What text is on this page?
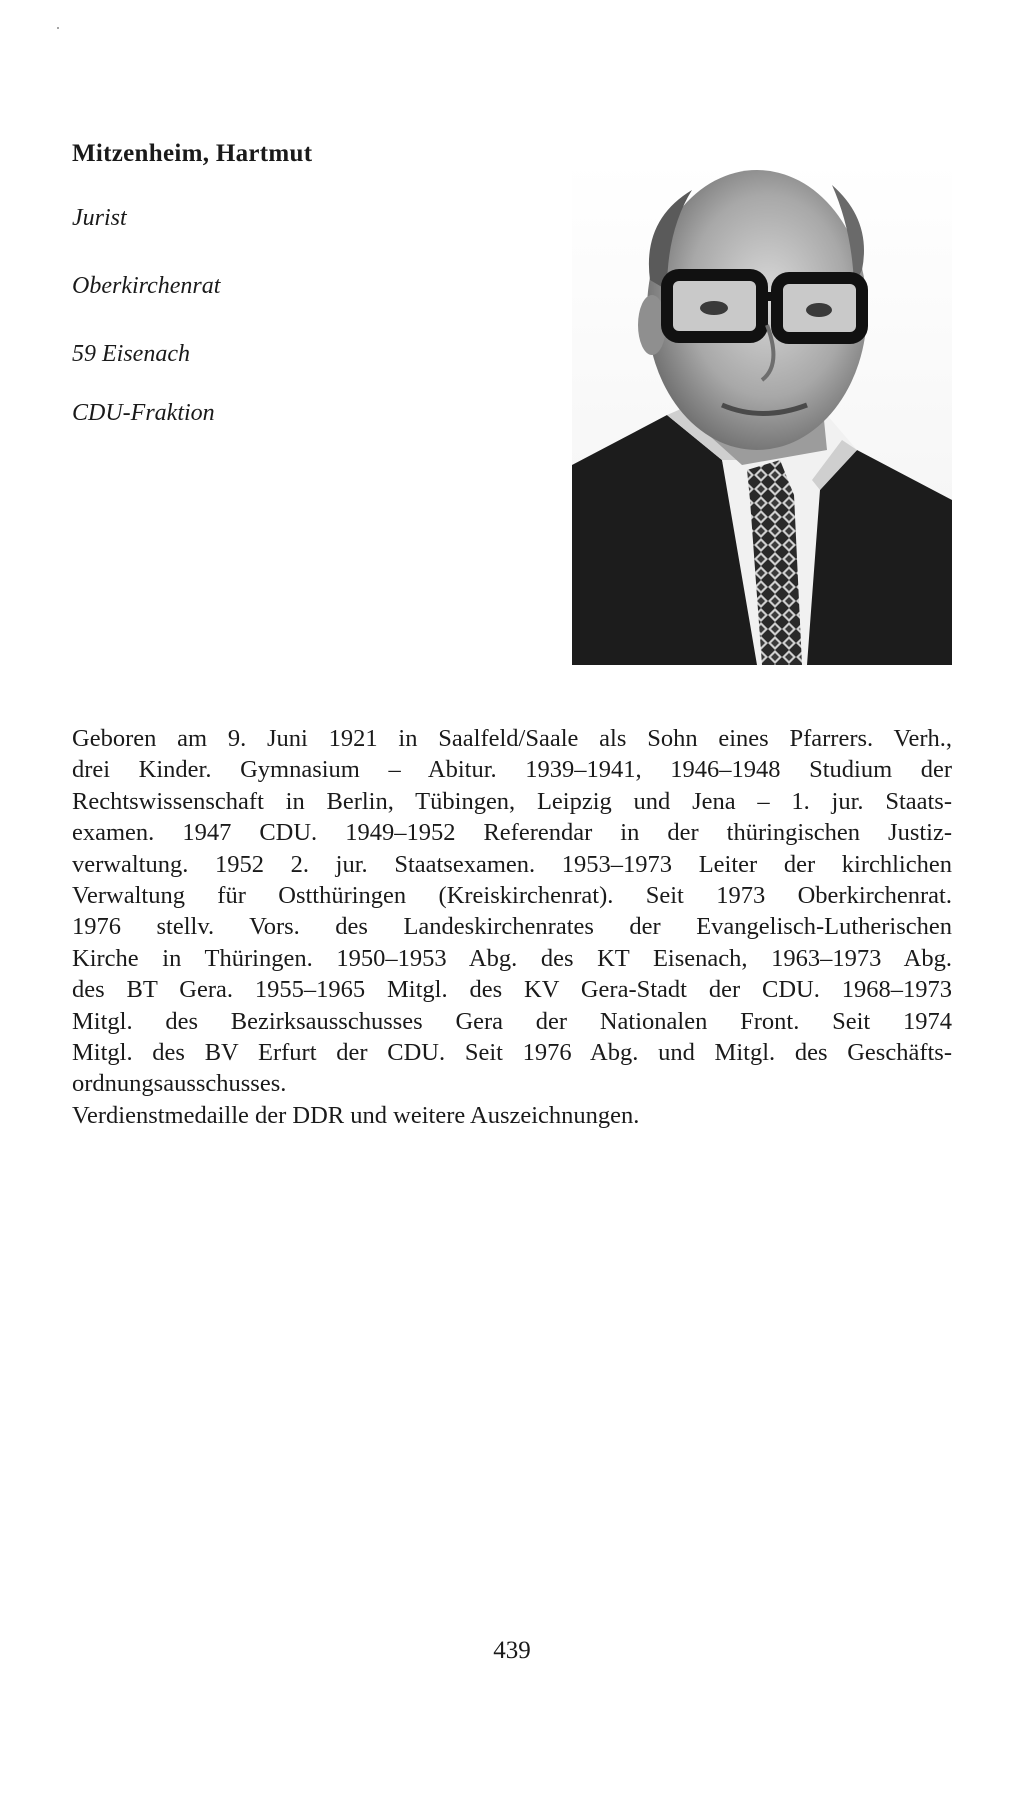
Mitzenheim, Hartmut
Jurist
Oberkirchenrat
59 Eisenach
CDU-Fraktion
Geboren am 9. Juni 1921 in Saalfeld/Saale als Sohn eines Pfarrers. Verh.,
drei Kinder. Gymnasium – Abitur. 1939–1941, 1946–1948 Studium der
Rechtswissenschaft in Berlin, Tübingen, Leipzig und Jena – 1. jur. Staats-
examen. 1947 CDU. 1949–1952 Referendar in der thüringischen Justiz-
verwaltung. 1952 2. jur. Staatsexamen. 1953–1973 Leiter der kirchlichen
Verwaltung für Ostthüringen (Kreiskirchenrat). Seit 1973 Oberkirchenrat.
1976 stellv. Vors. des Landeskirchenrates der Evangelisch-Lutherischen
Kirche in Thüringen. 1950–1953 Abg. des KT Eisenach, 1963–1973 Abg.
des BT Gera. 1955–1965 Mitgl. des KV Gera-Stadt der CDU. 1968–1973
Mitgl. des Bezirksausschusses Gera der Nationalen Front. Seit 1974
Mitgl. des BV Erfurt der CDU. Seit 1976 Abg. und Mitgl. des Geschäfts-
ordnungsausschusses.
Verdienstmedaille der DDR und weitere Auszeichnungen.
439
